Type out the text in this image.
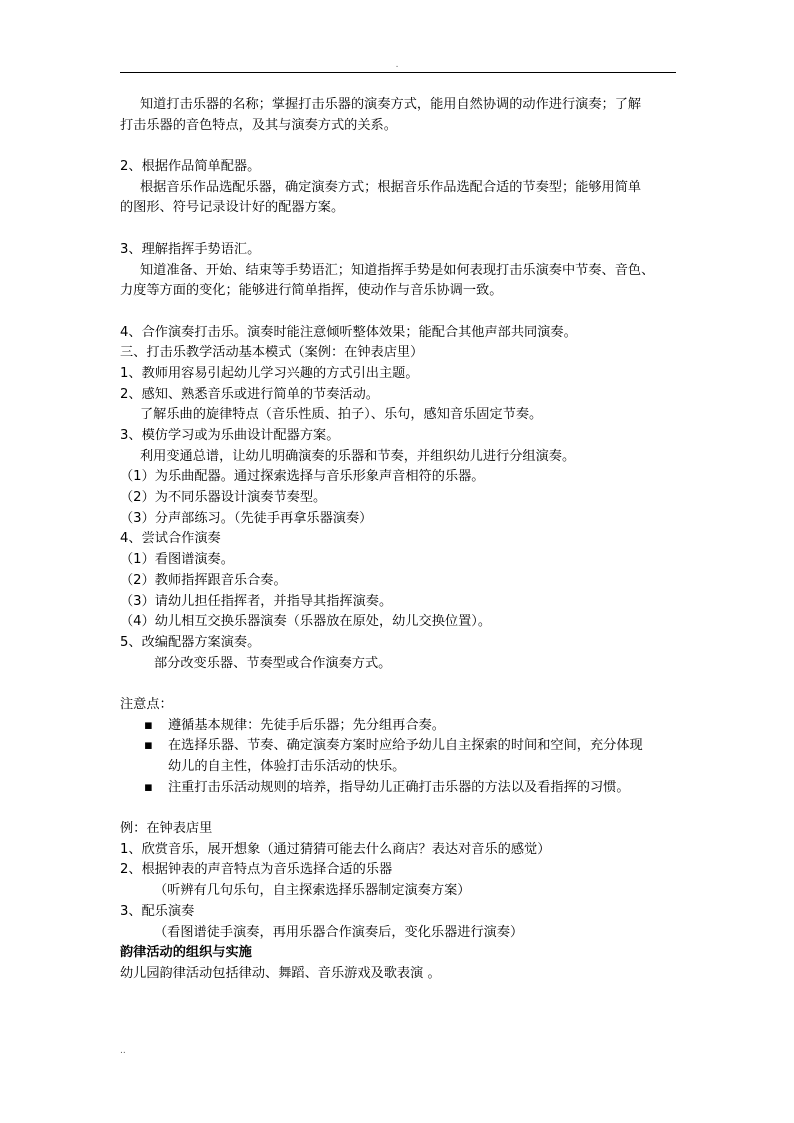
.
知道打击乐器的名称；掌握打击乐器的演奏方式，能用自然协调的动作进行演奏；了解
打击乐器的音色特点，及其与演奏方式的关系。
2、根据作品简单配器。
根据音乐作品选配乐器，确定演奏方式；根据音乐作品选配合适的节奏型；能够用简单
的图形、符号记录设计好的配器方案。
3、理解指挥手势语汇。
知道准备、开始、结束等手势语汇；知道指挥手势是如何表现打击乐演奏中节奏、音色、
力度等方面的变化；能够进行简单指挥，使动作与音乐协调一致。
4、合作演奏打击乐。演奏时能注意倾听整体效果；能配合其他声部共同演奏。
三、打击乐教学活动基本模式（案例：在钟表店里）
1、教师用容易引起幼儿学习兴趣的方式引出主题。
2、感知、熟悉音乐或进行简单的节奏活动。
了解乐曲的旋律特点（音乐性质、拍子）、乐句，感知音乐固定节奏。
3、模仿学习或为乐曲设计配器方案。
利用变通总谱，让幼儿明确演奏的乐器和节奏，并组织幼儿进行分组演奏。
（1）为乐曲配器。通过探索选择与音乐形象声音相符的乐器。
（2）为不同乐器设计演奏节奏型。
（3）分声部练习。（先徒手再拿乐器演奏）
4、尝试合作演奏
（1）看图谱演奏。
（2）教师指挥跟音乐合奏。
（3）请幼儿担任指挥者，并指导其指挥演奏。
（4）幼儿相互交换乐器演奏（乐器放在原处，幼儿交换位置）。
5、改编配器方案演奏。
部分改变乐器、节奏型或合作演奏方式。
注意点：
▪ 遵循基本规律：先徒手后乐器；先分组再合奏。
▪ 在选择乐器、节奏、确定演奏方案时应给予幼儿自主探索的时间和空间，充分体现
幼儿的自主性，体验打击乐活动的快乐。
▪ 注重打击乐活动规则的培养，指导幼儿正确打击乐器的方法以及看指挥的习惯。
例：在钟表店里
1、欣赏音乐，展开想象（通过猜猜可能去什么商店？表达对音乐的感觉）
2、根据钟表的声音特点为音乐选择合适的乐器
（听辨有几句乐句，自主探索选择乐器制定演奏方案）
3、配乐演奏
（看图谱徒手演奏，再用乐器合作演奏后，变化乐器进行演奏）
韵律活动的组织与实施
幼儿园韵律活动包括律动、舞蹈、音乐游戏及歌表演 。
..
